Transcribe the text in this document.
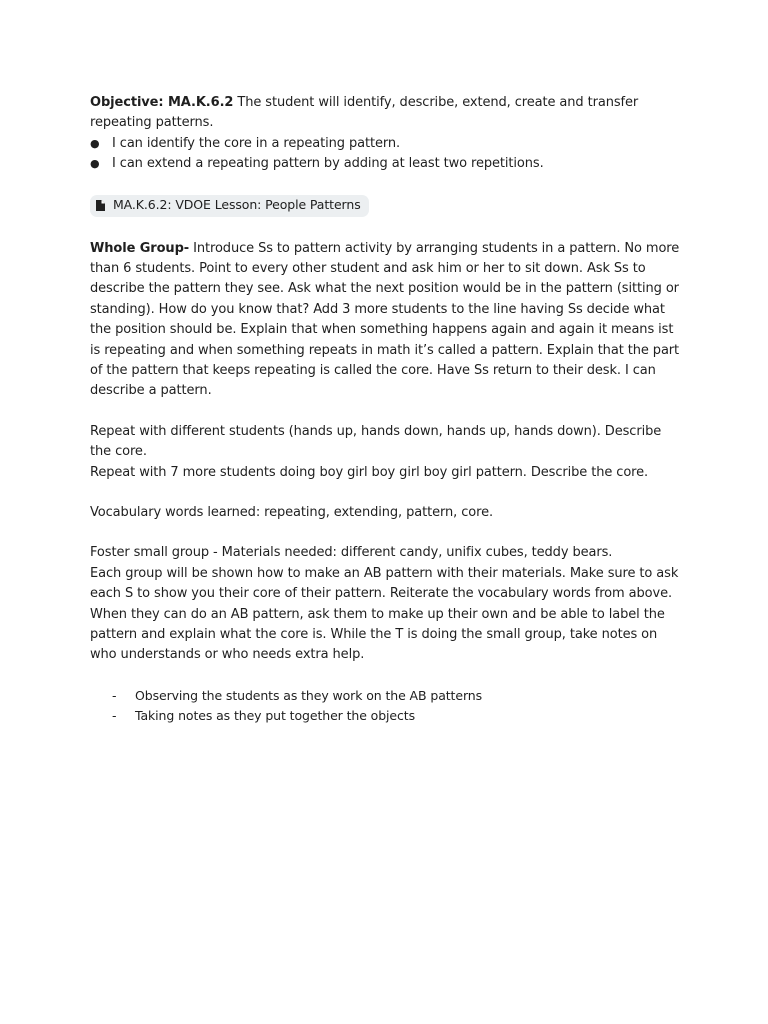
Objective: MA.K.6.2 The student will identify, describe, extend, create and transfer repeating patterns.

● I can identify the core in a repeating pattern.
● I can extend a repeating pattern by adding at least two repetitions.
MA.K.6.2: VDOE Lesson: People Patterns

Whole Group- Introduce Ss to pattern activity by arranging students in a pattern. No more than 6 students. Point to every other student and ask him or her to sit down. Ask Ss to describe the pattern they see. Ask what the next position would be in the pattern (sitting or standing). How do you know that? Add 3 more students to the line having Ss decide what the position should be. Explain that when something happens again and again it means ist is repeating and when something repeats in math it’s called a pattern. Explain that the part of the pattern that keeps repeating is called the core. Have Ss return to their desk. I can describe a pattern.

Repeat with different students (hands up, hands down, hands up, hands down). Describe the core.

Repeat with 7 more students doing boy girl boy girl boy girl pattern. Describe the core.

Vocabulary words learned: repeating, extending, pattern, core.

Foster small group - Materials needed: different candy, unifix cubes, teddy bears.

Each group will be shown how to make an AB pattern with their materials. Make sure to ask each S to show you their core of their pattern. Reiterate the vocabulary words from above. When they can do an AB pattern, ask them to make up their own and be able to label the pattern and explain what the core is. While the T is doing the small group, take notes on who understands or who needs extra help.

- Observing the students as they work on the AB patterns
- Taking notes as they put together the objects
